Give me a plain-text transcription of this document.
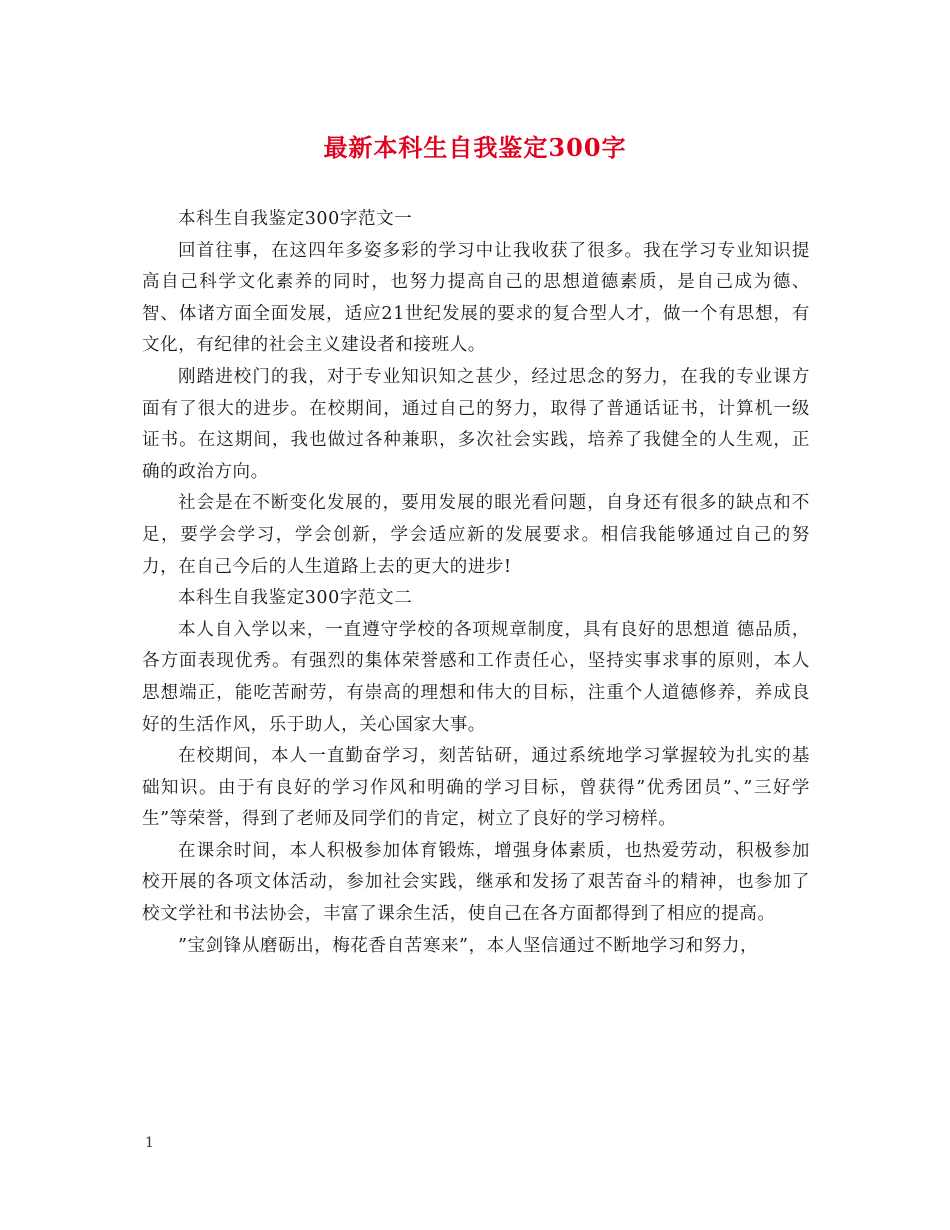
最新本科生自我鉴定300字

本科生自我鉴定300字范文一

回首往事，在这四年多姿多彩的学习中让我收获了很多。我在学习专业知识提高自己科学文化素养的同时，也努力提高自己的思想道德素质，是自己成为德、智、体诸方面全面发展，适应21世纪发展的要求的复合型人才，做一个有思想，有文化，有纪律的社会主义建设者和接班人。

刚踏进校门的我，对于专业知识知之甚少，经过思念的努力，在我的专业课方面有了很大的进步。在校期间，通过自己的努力，取得了普通话证书，计算机一级证书。在这期间，我也做过各种兼职，多次社会实践，培养了我健全的人生观，正确的政治方向。

社会是在不断变化发展的，要用发展的眼光看问题，自身还有很多的缺点和不足，要学会学习，学会创新，学会适应新的发展要求。相信我能够通过自己的努力，在自己今后的人生道路上去的更大的进步!

本科生自我鉴定300字范文二

本人自入学以来，一直遵守学校的各项规章制度，具有良好的思想道 德品质，各方面表现优秀。有强烈的集体荣誉感和工作责任心，坚持实事求事的原则，本人思想端正，能吃苦耐劳，有崇高的理想和伟大的目标，注重个人道德修养，养成良好的生活作风，乐于助人，关心国家大事。

在校期间，本人一直勤奋学习，刻苦钻研，通过系统地学习掌握较为扎实的基础知识。由于有良好的学习作风和明确的学习目标，曾获得”优秀团员”、”三好学生”等荣誉，得到了老师及同学们的肯定，树立了良好的学习榜样。

在课余时间，本人积极参加体育锻炼，增强身体素质，也热爱劳动，积极参加校开展的各项文体活动，参加社会实践，继承和发扬了艰苦奋斗的精神，也参加了校文学社和书法协会，丰富了课余生活，使自己在各方面都得到了相应的提高。

”宝剑锋从磨砺出，梅花香自苦寒来”，本人坚信通过不断地学习和努力，

1
